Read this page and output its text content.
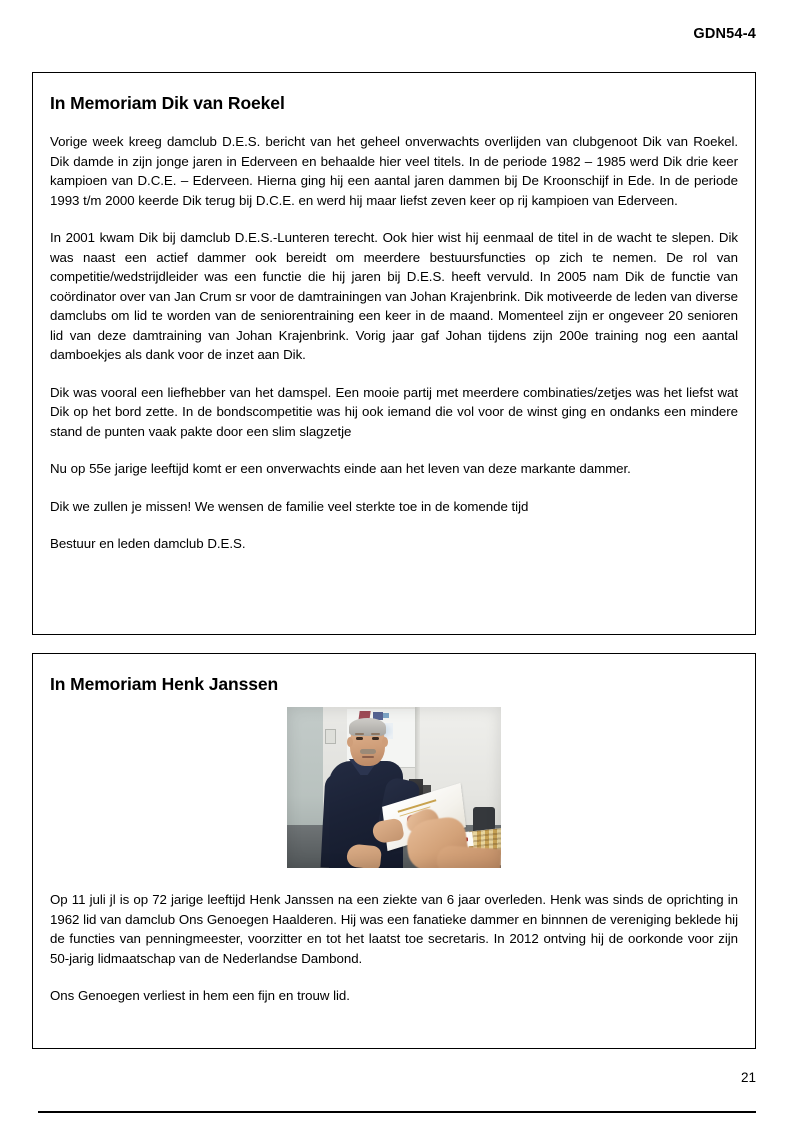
GDN54-4
In Memoriam Dik van Roekel

Vorige week kreeg damclub D.E.S. bericht van het geheel onverwachts overlijden van clubgenoot Dik van Roekel. Dik damde in zijn jonge jaren in Ederveen en behaalde hier veel titels. In de periode 1982 – 1985 werd Dik drie keer kampioen van D.C.E. – Ederveen. Hierna ging hij een aantal jaren dammen bij De Kroonschijf in Ede. In de periode 1993 t/m 2000 keerde Dik terug bij D.C.E. en werd hij maar liefst zeven keer op rij kampioen van Ederveen.

In 2001 kwam Dik bij damclub D.E.S.-Lunteren terecht. Ook hier wist hij eenmaal de titel in de wacht te slepen. Dik was naast een actief dammer ook bereidt om meerdere bestuursfuncties op zich te nemen. De rol van competitie/wedstrijdleider was een functie die hij jaren bij D.E.S. heeft vervuld. In 2005 nam Dik de functie van coördinator over van Jan Crum sr voor de damtrainingen van Johan Krajenbrink. Dik motiveerde de leden van diverse damclubs om lid te worden van de seniorentraining een keer in de maand. Momenteel zijn er ongeveer 20 senioren lid van deze damtraining van Johan Krajenbrink. Vorig jaar gaf Johan tijdens zijn 200e training nog een aantal damboekjes als dank voor de inzet aan Dik.

Dik was vooral een liefhebber van het damspel. Een mooie partij met meerdere combinaties/zetjes was het liefst wat Dik op het bord zette. In de bondscompetitie was hij ook iemand die vol voor de winst ging en ondanks een mindere stand de punten vaak pakte door een slim slagzetje

Nu op 55e jarige leeftijd komt er een onverwachts einde aan het leven van deze markante dammer.

Dik we zullen je missen! We wensen de familie veel sterkte toe in de komende tijd

Bestuur en leden damclub D.E.S.

In Memoriam Henk Janssen

Op 11 juli jl is op 72 jarige leeftijd Henk Janssen na een ziekte van 6 jaar overleden. Henk was sinds de oprichting in 1962 lid van damclub Ons Genoegen Haalderen. Hij was een fanatieke dammer en binnnen de vereniging beklede hij de functies van penningmeester, voorzitter en tot het laatst toe secretaris. In 2012 ontving hij de oorkonde voor zijn 50-jarig lidmaatschap van de Nederlandse Dambond.

Ons Genoegen verliest in hem een fijn en trouw lid.

21
